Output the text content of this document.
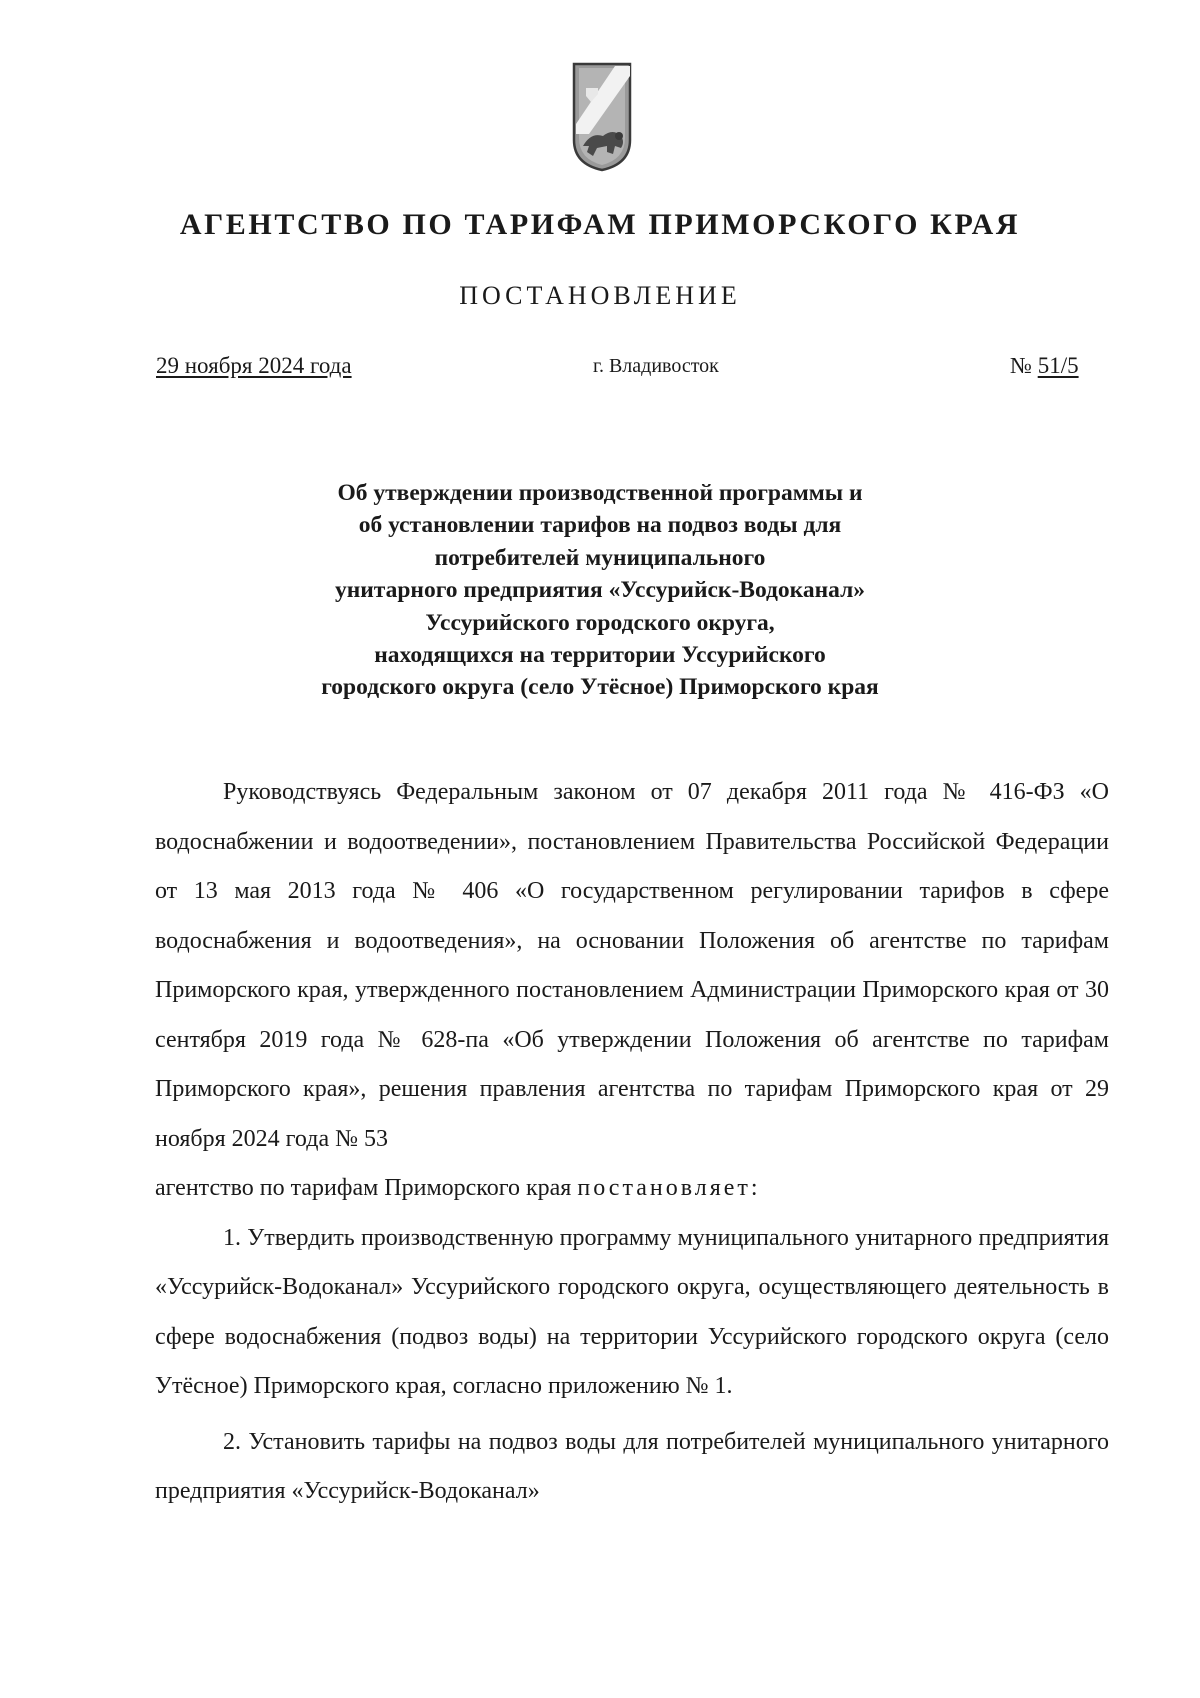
АГЕНТСТВО ПО ТАРИФАМ ПРИМОРСКОГО КРАЯ
ПОСТАНОВЛЕНИЕ
29 ноября 2024 года	г. Владивосток	№ 51/5
Об утверждении производственной программы и
об установлении тарифов на подвоз воды для
потребителей муниципального
унитарного предприятия «Уссурийск-Водоканал»
Уссурийского городского округа,
находящихся на территории Уссурийского
городского округа (село Утёсное) Приморского края

Руководствуясь Федеральным законом от 07 декабря 2011 года № 416-ФЗ «О водоснабжении и водоотведении», постановлением Правительства Российской Федерации от 13 мая 2013 года № 406 «О государственном регулировании тарифов в сфере водоснабжения и водоотведения», на основании Положения об агентстве по тарифам Приморского края, утвержденного постановлением Администрации Приморского края от 30 сентября 2019 года № 628-па «Об утверждении Положения об агентстве по тарифам Приморского края», решения правления агентства по тарифам Приморского края от 29 ноября 2024 года № 53

агентство по тарифам Приморского края постановляет:

1. Утвердить производственную программу муниципального унитарного предприятия «Уссурийск-Водоканал» Уссурийского городского округа, осуществляющего деятельность в сфере водоснабжения (подвоз воды) на территории Уссурийского городского округа (село Утёсное) Приморского края, согласно приложению № 1.

2. Установить тарифы на подвоз воды для потребителей муниципального унитарного предприятия «Уссурийск-Водоканал»
